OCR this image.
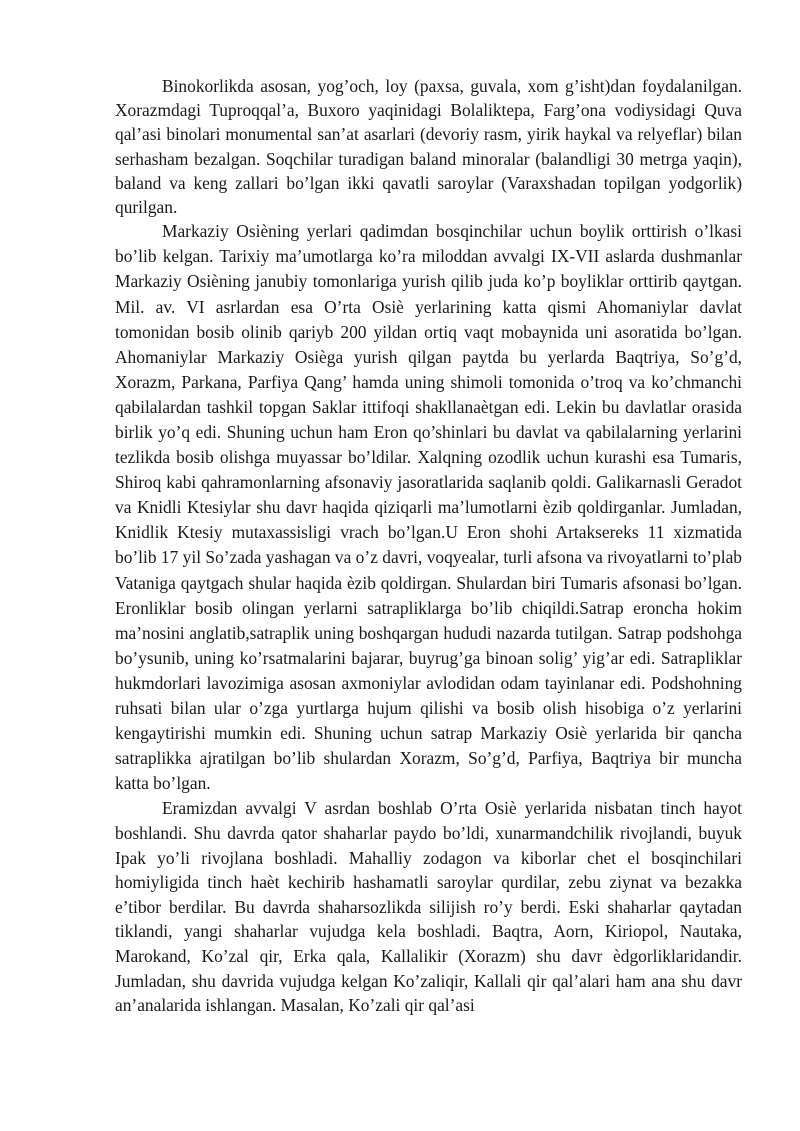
Binokorlikda asosan, yog’och, loy (paxsa, guvala, xom g’isht)dan foydalanilgan. Xorazmdagi Tuproqqal’a, Buxoro yaqinidagi Bolaliktepa, Farg’ona vodiysidagi Quva qal’asi binolari monumental san’at asarlari (devoriy rasm, yirik haykal va relyeflar) bilan serhasham bezalgan. Soqchilar turadigan baland minoralar (balandligi 30 metrga yaqin), baland va keng zallari bo’lgan ikki qavatli saroylar (Varaxshadan topilgan yodgorlik) qurilgan.

Markaziy Osièning yerlari qadimdan bosqinchilar uchun boylik orttirish o’lkasi bo’lib kelgan. Tarixiy ma’umotlarga ko’ra miloddan avvalgi IX-VII aslarda dushmanlar Markaziy Osièning janubiy tomonlariga yurish qilib juda ko’p boyliklar orttirib qaytgan. Mil. av. VI asrlardan esa O’rta Osiè yerlarining katta qismi Ahomaniylar davlat tomonidan bosib olinib qariyb 200 yildan ortiq vaqt mobaynida uni asoratida bo’lgan. Ahomaniylar Markaziy Osièga yurish qilgan paytda bu yerlarda Baqtriya, So’g’d, Xorazm, Parkana, Parfiya Qang’ hamda uning shimoli tomonida o’troq va ko’chmanchi qabilalardan tashkil topgan Saklar ittifoqi shakllanaètgan edi. Lekin bu davlatlar orasida birlik yo’q edi. Shuning uchun ham Eron qo’shinlari bu davlat va qabilalarning yerlarini tezlikda bosib olishga muyassar bo’ldilar. Xalqning ozodlik uchun kurashi esa Tumaris, Shiroq kabi qahramonlarning afsonaviy jasoratlarida saqlanib qoldi. Galikarnasli Geradot va Knidli Ktesiylar shu davr haqida qiziqarli ma’lumotlarni èzib qoldirganlar. Jumladan, Knidlik Ktesiy mutaxassisligi vrach bo’lgan.U Eron shohi Artaksereks 11 xizmatida bo’lib 17 yil So’zada yashagan va o’z davri, voqyealar, turli afsona va rivoyatlarni to’plab Vataniga qaytgach shular haqida èzib qoldirgan. Shulardan biri Tumaris afsonasi bo’lgan. Eronliklar bosib olingan yerlarni satrapliklarga bo’lib chiqildi.Satrap eroncha hokim ma’nosini anglatib,satraplik uning boshqargan hududi nazarda tutilgan. Satrap podshohga bo’ysunib, uning ko’rsatmalarini bajarar, buyrug’ga binoan solig’ yig’ar edi. Satrapliklar hukmdorlari lavozimiga asosan axmoniylar avlodidan odam tayinlanar edi. Podshohning ruhsati bilan ular o’zga yurtlarga hujum qilishi va bosib olish hisobiga o’z yerlarini kengaytirishi mumkin edi. Shuning uchun satrap Markaziy Osiè yerlarida bir qancha satraplikka ajratilgan bo’lib shulardan Xorazm, So’g’d, Parfiya, Baqtriya bir muncha katta bo’lgan.

Eramizdan avvalgi V asrdan boshlab O’rta Osiè yerlarida nisbatan tinch hayot boshlandi. Shu davrda qator shaharlar paydo bo’ldi, xunarmandchilik rivojlandi, buyuk Ipak yo’li rivojlana boshladi. Mahalliy zodagon va kiborlar chet el bosqinchilari homiyligida tinch haèt kechirib hashamatli saroylar qurdilar, zebu ziynat va bezakka e’tibor berdilar. Bu davrda shaharsozlikda silijish ro’y berdi. Eski shaharlar qaytadan tiklandi, yangi shaharlar vujudga kela boshladi. Baqtra, Aorn, Kiriopol, Nautaka, Marokand, Ko’zal qir, Erka qala, Kallalikir (Xorazm) shu davr èdgorliklaridandir. Jumladan, shu davrida vujudga kelgan Ko’zaliqir, Kallali qir qal’alari ham ana shu davr an’analarida ishlangan. Masalan, Ko’zali qir qal’asi
